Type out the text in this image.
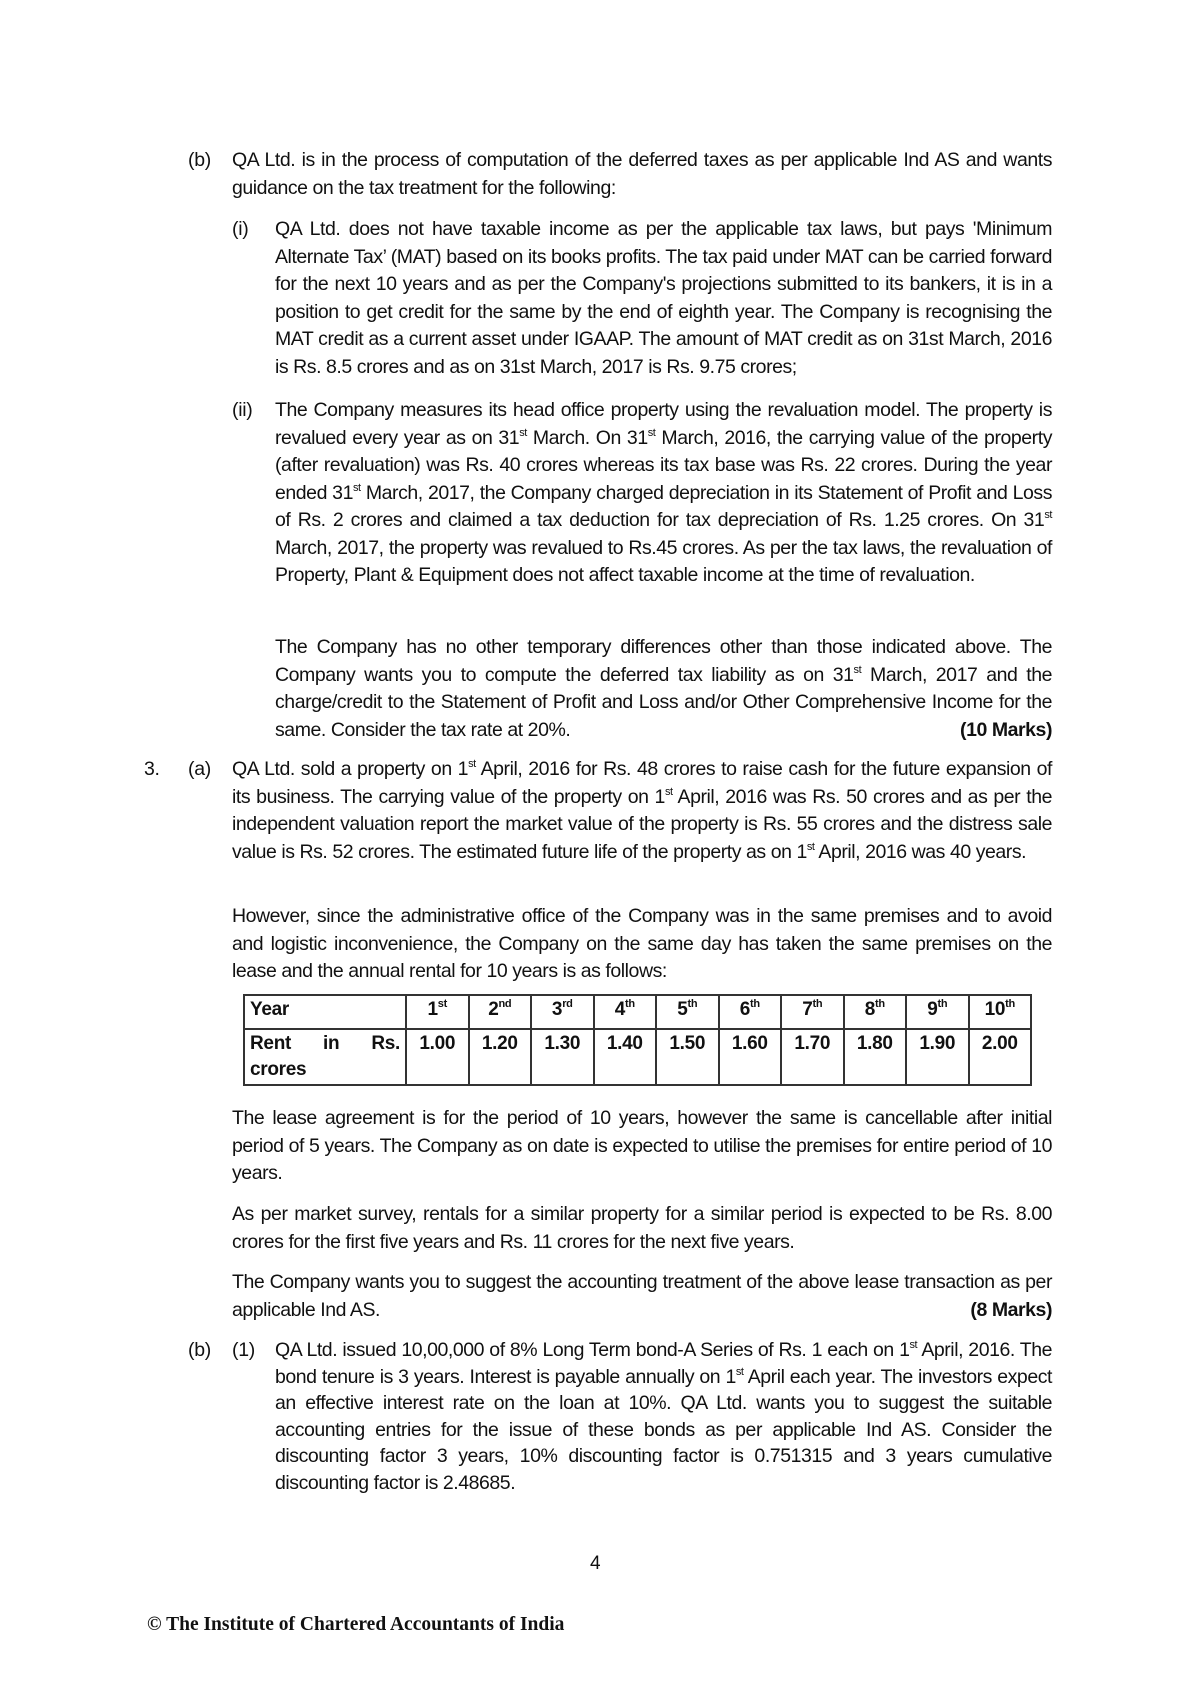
(b) QA Ltd. is in the process of computation of the deferred taxes as per applicable Ind AS and wants guidance on the tax treatment for the following:
(i) QA Ltd. does not have taxable income as per the applicable tax laws, but pays 'Minimum Alternate Tax’ (MAT) based on its books profits. The tax paid under MAT can be carried forward for the next 10 years and as per the Company's projections submitted to its bankers, it is in a position to get credit for the same by the end of eighth year. The Company is recognising the MAT credit as a current asset under IGAAP. The amount of MAT credit as on 31st March, 2016 is Rs. 8.5 crores and as on 31st March, 2017 is Rs. 9.75 crores;
(ii) The Company measures its head office property using the revaluation model. The property is revalued every year as on 31st March. On 31st March, 2016, the carrying value of the property (after revaluation) was Rs. 40 crores whereas its tax base was Rs. 22 crores. During the year ended 31st March, 2017, the Company charged depreciation in its Statement of Profit and Loss of Rs. 2 crores and claimed a tax deduction for tax depreciation of Rs. 1.25 crores. On 31st March, 2017, the property was revalued to Rs.45 crores. As per the tax laws, the revaluation of Property, Plant & Equipment does not affect taxable income at the time of revaluation.
The Company has no other temporary differences other than those indicated above. The Company wants you to compute the deferred tax liability as on 31st March, 2017 and the charge/credit to the Statement of Profit and Loss and/or Other Comprehensive Income for the same. Consider the tax rate at 20%.	(10 Marks)
3. (a) QA Ltd. sold a property on 1st April, 2016 for Rs. 48 crores to raise cash for the future expansion of its business. The carrying value of the property on 1st April, 2016 was Rs. 50 crores and as per the independent valuation report the market value of the property is Rs. 55 crores and the distress sale value is Rs. 52 crores. The estimated future life of the property as on 1st April, 2016 was 40 years.
However, since the administrative office of the Company was in the same premises and to avoid and logistic inconvenience, the Company on the same day has taken the same premises on the lease and the annual rental for 10 years is as follows:
Year	1st	2nd	3rd	4th	5th	6th	7th	8th	9th	10th

Rent in Rs.
crores	1.00	1.20	1.30	1.40	1.50	1.60	1.70	1.80	1.90	2.00
The lease agreement is for the period of 10 years, however the same is cancellable after initial period of 5 years. The Company as on date is expected to utilise the premises for entire period of 10 years.
As per market survey, rentals for a similar property for a similar period is expected to be Rs. 8.00 crores for the first five years and Rs. 11 crores for the next five years.
The Company wants you to suggest the accounting treatment of the above lease transaction as per applicable Ind AS.	(8 Marks)
(b) (1) QA Ltd. issued 10,00,000 of 8% Long Term bond-A Series of Rs. 1 each on 1st April, 2016. The bond tenure is 3 years. Interest is payable annually on 1st April each year. The investors expect an effective interest rate on the loan at 10%. QA Ltd. wants you to suggest the suitable accounting entries for the issue of these bonds as per applicable Ind AS. Consider the discounting factor 3 years, 10% discounting factor is 0.751315 and 3 years cumulative discounting factor is 2.48685.
4
© The Institute of Chartered Accountants of India
